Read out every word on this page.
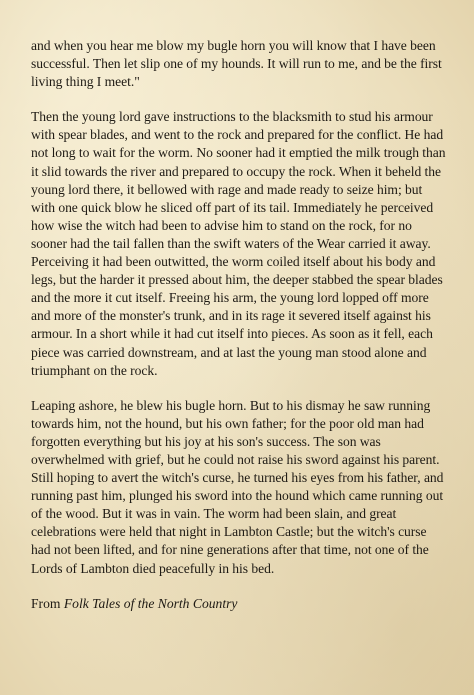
and when you hear me blow my bugle horn you will know that I have been successful. Then let slip one of my hounds. It will run to me, and be the first living thing I meet."

Then the young lord gave instructions to the blacksmith to stud his armour with spear blades, and went to the rock and prepared for the conflict. He had not long to wait for the worm. No sooner had it emptied the milk trough than it slid towards the river and prepared to occupy the rock. When it beheld the young lord there, it bellowed with rage and made ready to seize him; but with one quick blow he sliced off part of its tail. Immediately he perceived how wise the witch had been to advise him to stand on the rock, for no sooner had the tail fallen than the swift waters of the Wear carried it away. Perceiving it had been outwitted, the worm coiled itself about his body and legs, but the harder it pressed about him, the deeper stabbed the spear blades and the more it cut itself. Freeing his arm, the young lord lopped off more and more of the monster's trunk, and in its rage it severed itself against his armour. In a short while it had cut itself into pieces. As soon as it fell, each piece was carried downstream, and at last the young man stood alone and triumphant on the rock.

Leaping ashore, he blew his bugle horn. But to his dismay he saw running towards him, not the hound, but his own father; for the poor old man had forgotten everything but his joy at his son's success. The son was overwhelmed with grief, but he could not raise his sword against his parent. Still hoping to avert the witch's curse, he turned his eyes from his father, and running past him, plunged his sword into the hound which came running out of the wood. But it was in vain. The worm had been slain, and great celebrations were held that night in Lambton Castle; but the witch's curse had not been lifted, and for nine generations after that time, not one of the Lords of Lambton died peacefully in his bed.

From Folk Tales of the North Country
